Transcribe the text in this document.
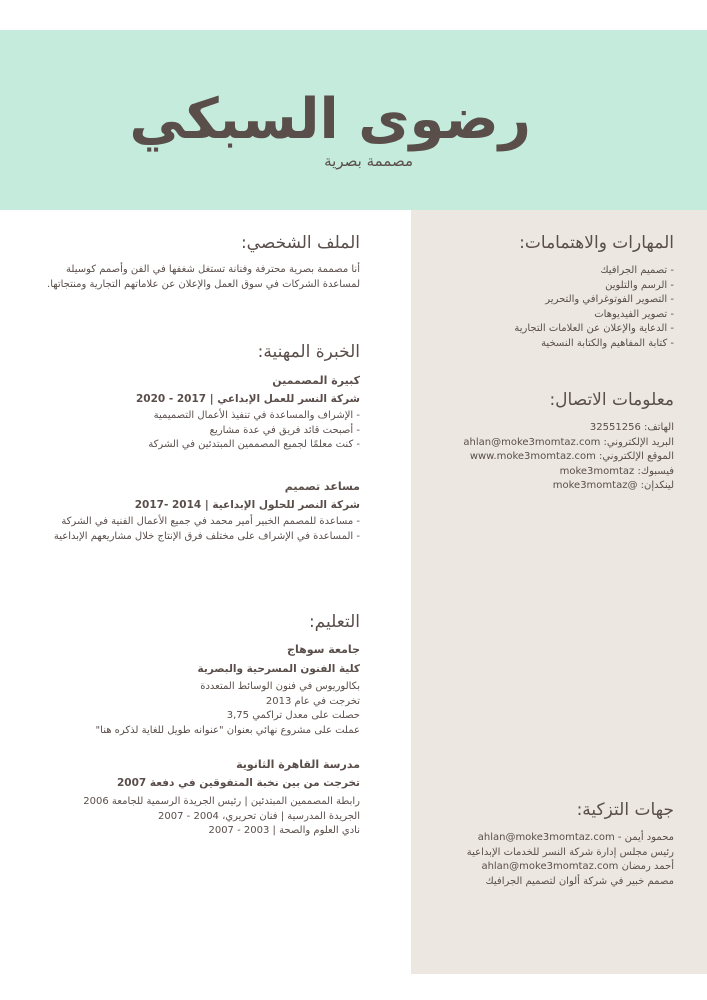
رضوى السبكي

مصممة بصرية

الملف الشخصي:
أنا مصممة بصرية محترفة وفنانة تستغل شغفها في الفن وأصمم كوسيلة
لمساعدة الشركات في سوق العمل والإعلان عن علاماتهم التجارية ومنتجاتها.
الخبرة المهنية:
كبيرة المصممين
شركة النسر للعمل الإبداعي | 2017 - 2020
- الإشراف والمساعدة في تنفيذ الأعمال التصميمية
- أصبحت قائد فريق في عدة مشاريع
- كنت معلمًا لجميع المصممين المبتدئين في الشركة
مساعد تصميم
شركة النصر للحلول الإبداعية | 2014 -2017
- مساعدة للمصمم الخبير أمير محمد في جميع الأعمال الفنية في الشركة
- المساعدة في الإشراف على مختلف فرق الإنتاج خلال مشاريعهم الإبداعية
التعليم:
جامعة سوهاج
كلية الفنون المسرحية والبصرية
بكالوريوس في فنون الوسائط المتعددة
تخرجت في عام 2013
حصلت على معدل تراكمي 3,75
عملت على مشروع نهائي بعنوان "عنوانه طويل للغاية لذكره هنا"
مدرسة القاهرة الثانوية
تخرجت من بين نخبة المتفوقين في دفعة 2007
رابطة المصممين المبتدئين | رئيس الجريدة الرسمية للجامعة 2006
الجريدة المدرسية | فنان تحريري، 2004 - 2007
نادي العلوم والصحة | 2003 - 2007
المهارات والاهتمامات:
- تصميم الجرافيك
- الرسم والتلوين
- التصوير الفوتوغرافي والتحرير
- تصوير الفيديوهات
- الدعاية والإعلان عن العلامات التجارية
- كتابة المفاهيم والكتابة النسخية
معلومات الاتصال:
الهاتف: 32551256
البريد الإلكتروني: ahlan@moke3momtaz.com
الموقع الإلكتروني: www.moke3momtaz.com
فيسبوك: moke3momtaz
لينكدإن: @moke3momtaz
جهات التزكية:
محمود أيمن - ahlan@moke3momtaz.com
رئيس مجلس إدارة شركة النسر للخدمات الإبداعية
أحمد رمضان ahlan@moke3momtaz.com
مصمم خبير في شركة ألوان لتصميم الجرافيك
